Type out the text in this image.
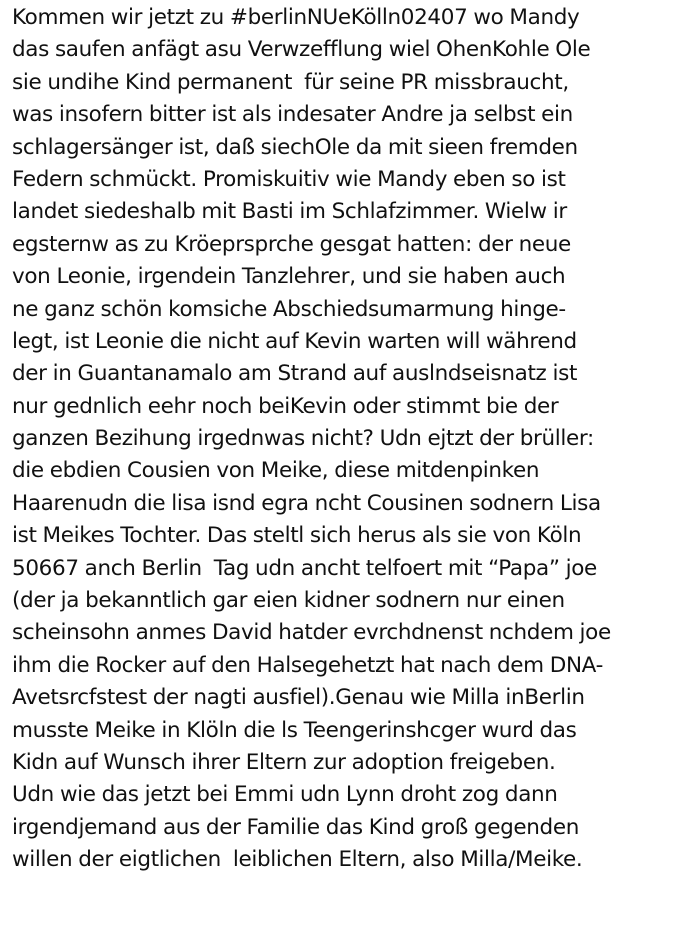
Kommen wir jetzt zu #berlinNUeKölln02407 wo Mandy
das saufen anfägt asu Verwzefflung wiel OhenKohle Ole
sie undihe Kind permanent  für seine PR missbraucht,
was insofern bitter ist als indesater Andre ja selbst ein
schlagersänger ist, daß siechOle da mit sieen fremden
Federn schmückt. Promiskuitiv wie Mandy eben so ist
landet siedeshalb mit Basti im Schlafzimmer. Wielw ir
egsternw as zu Kröeprsprche gesgat hatten: der neue
von Leonie, irgendein Tanzlehrer, und sie haben auch
ne ganz schön komsiche Abschiedsumarmung hinge-
legt, ist Leonie die nicht auf Kevin warten will während
der in Guantanamalo am Strand auf auslndseisnatz ist
nur gednlich eehr noch beiKevin oder stimmt bie der
ganzen Bezihung irgednwas nicht? Udn ejtzt der brüller:
die ebdien Cousien von Meike, diese mitdenpinken
Haarenudn die lisa isnd egra ncht Cousinen sodnern Lisa
ist Meikes Tochter. Das steltl sich herus als sie von Köln
50667 anch Berlin  Tag udn ancht telfoert mit “Papa” joe
(der ja bekanntlich gar eien kidner sodnern nur einen
scheinsohn anmes David hatder evrchdnenst nchdem joe
ihm die Rocker auf den Halsegehetzt hat nach dem DNA-
Avetsrcfstest der nagti ausfiel).Genau wie Milla inBerlin
musste Meike in Klöln die ls Teengerinshcger wurd das
Kidn auf Wunsch ihrer Eltern zur adoption freigeben.
Udn wie das jetzt bei Emmi udn Lynn droht zog dann
irgendjemand aus der Familie das Kind groß gegenden
willen der eigtlichen  leiblichen Eltern, also Milla/Meike.
